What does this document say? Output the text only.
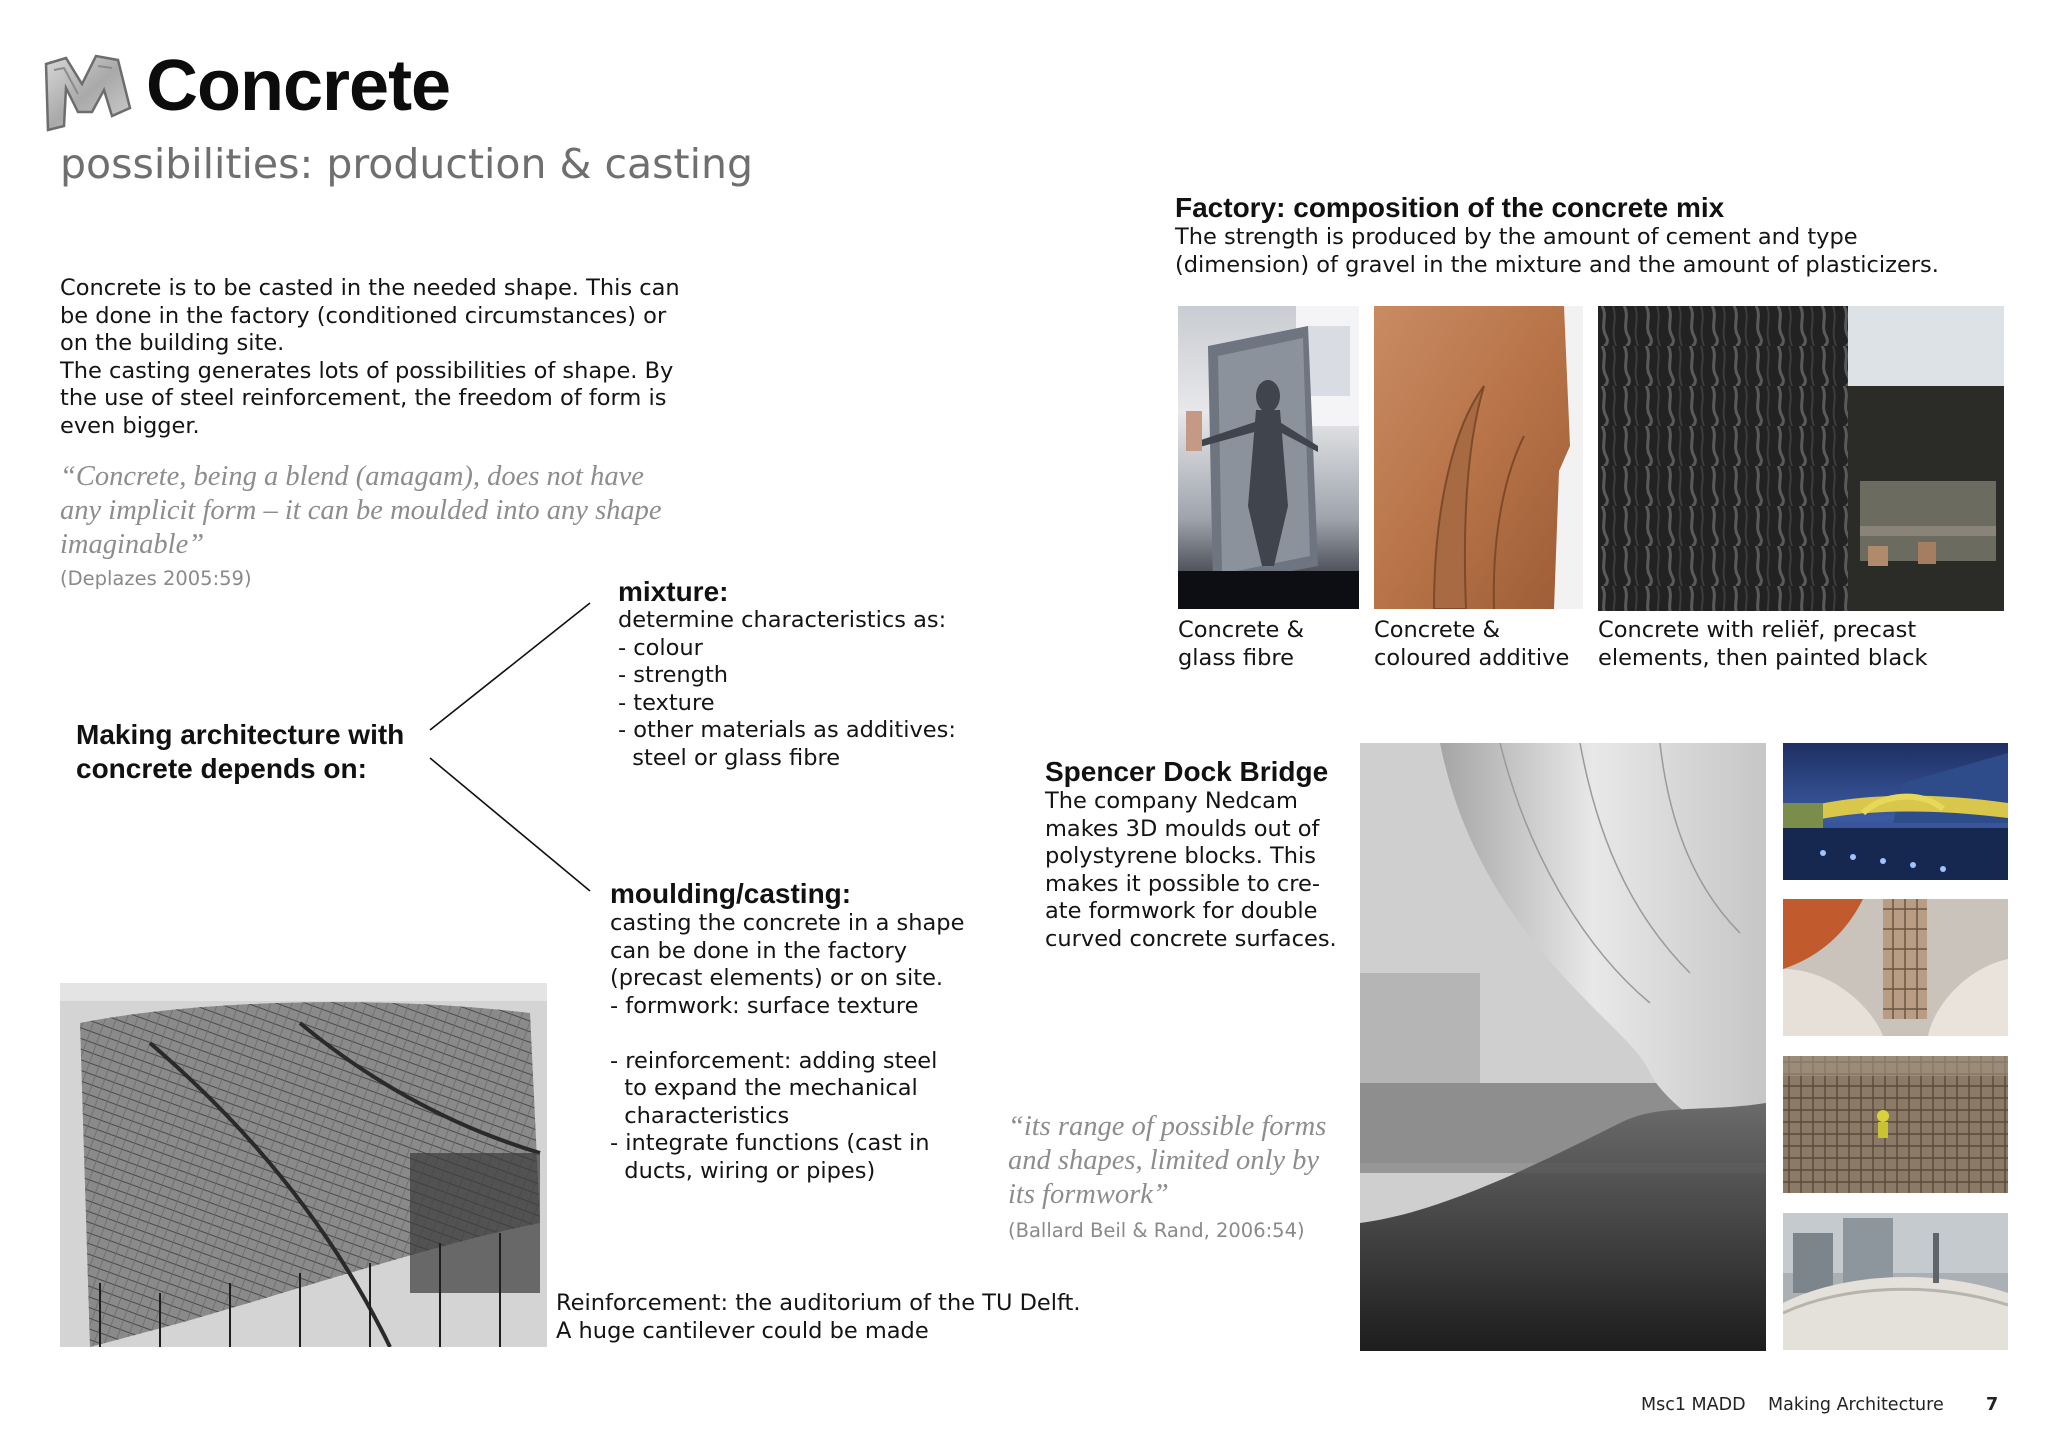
Concrete
possibilities: production & casting
Concrete is to be casted in the needed shape. This can
be done in the factory (conditioned circumstances) or
on the building site.
The casting generates lots of possibilities of shape. By
the use of steel reinforcement, the freedom of form is
even bigger.
“Concrete, being a blend (amagam), does not have
any implicit form – it can be moulded into any shape
imaginable”
(Deplazes 2005:59)
Making architecture with
concrete depends on:
mixture:
determine characteristics as:
- colour
- strength
- texture
- other materials as additives:
steel or glass fibre
moulding/casting:
casting the concrete in a shape
can be done in the factory
(precast elements) or on site.
- formwork: surface texture

- reinforcement: adding steel
to expand the mechanical
characteristics
- integrate functions (cast in
ducts, wiring or pipes)
Factory: composition of the concrete mix
The strength is produced by the amount of cement and type
(dimension) of gravel in the mixture and the amount of plasticizers.
Concrete &
glass fibre
Concrete &
coloured additive
Concrete with reliëf, precast
elements, then painted black
Spencer Dock Bridge
The company Nedcam
makes 3D moulds out of
polystyrene blocks. This
makes it possible to cre-
ate formwork for double
curved concrete surfaces.
“its range of possible forms
and shapes, limited only by
its formwork”
(Ballard Beil & Rand, 2006:54)
Reinforcement: the auditorium of the TU Delft.
A huge cantilever could be made
Msc1 MADD Making Architecture 7
